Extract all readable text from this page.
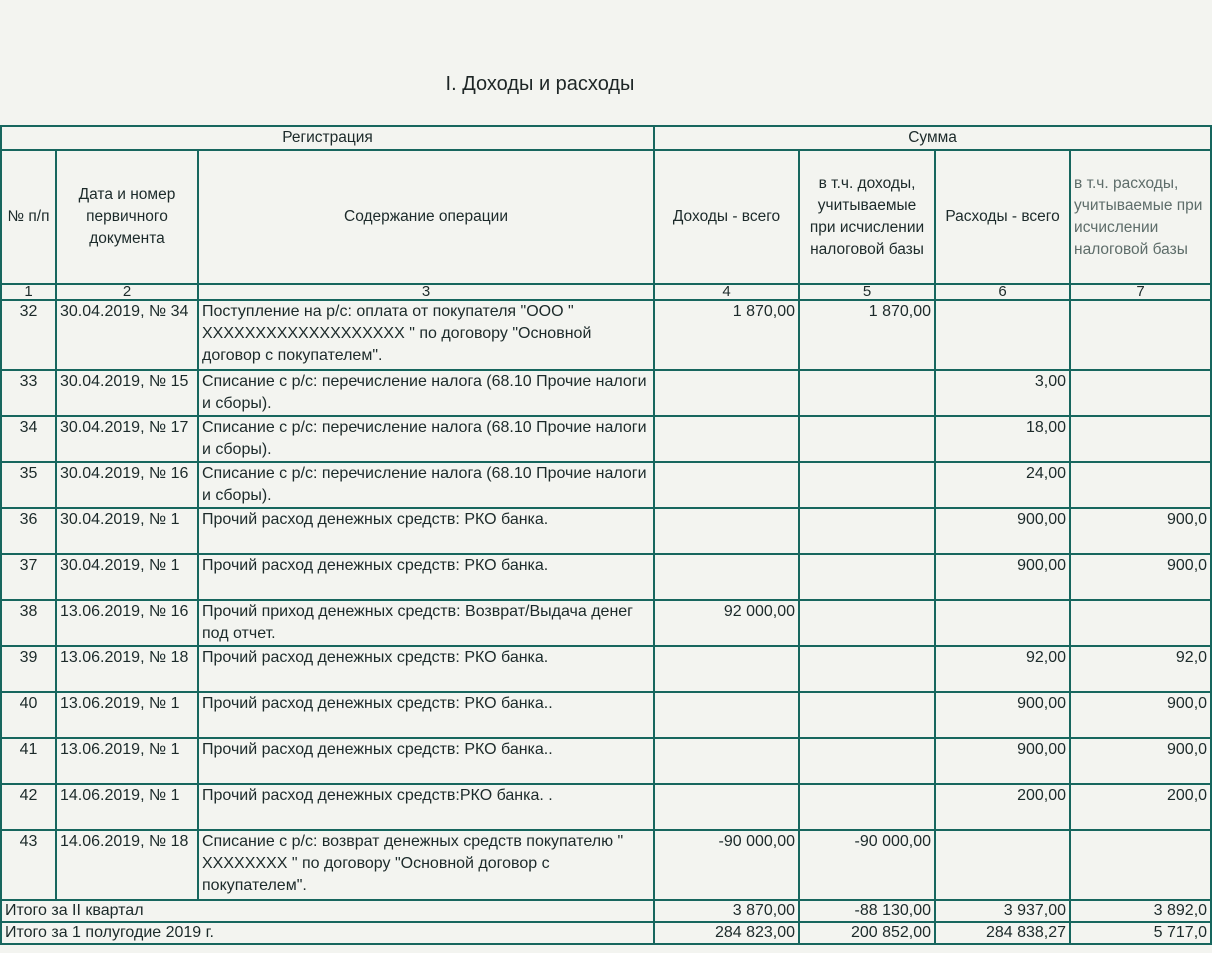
I. Доходы и расходы
Регистрация			Сумма			
№ п/п	Дата и номер первичного документа	Содержание операции	Доходы - всего	в т.ч. доходы, учитываемые при исчислении налоговой базы	Расходы - всего	в т.ч. расходы, учитываемые при исчислении налоговой базы
1	2	3	4	5	6	7
32	30.04.2019, № 34	Поступление на р/с: оплата от покупателя "ООО " ХХХХХХХХХХХХХХХХХХХ " по договору "Основной договор с покупателем".	1 870,00	1 870,00		
33	30.04.2019, № 15	Списание с р/с: перечисление налога (68.10 Прочие налоги и сборы).			3,00	
34	30.04.2019, № 17	Списание с р/с: перечисление налога (68.10 Прочие налоги и сборы).			18,00	
35	30.04.2019, № 16	Списание с р/с: перечисление налога (68.10 Прочие налоги и сборы).			24,00	
36	30.04.2019, № 1	Прочий расход денежных средств: РКО банка.			900,00	900,0
37	30.04.2019, № 1	Прочий расход денежных средств: РКО банка.			900,00	900,0
38	13.06.2019, № 16	Прочий приход денежных средств: Возврат/Выдача денег под отчет.	92 000,00			
39	13.06.2019, № 18	Прочий расход денежных средств: РКО банка.			92,00	92,0
40	13.06.2019, № 1	Прочий расход денежных средств: РКО банка..			900,00	900,0
41	13.06.2019, № 1	Прочий расход денежных средств: РКО банка..			900,00	900,0
42	14.06.2019, № 1	Прочий расход денежных средств:РКО банка. .			200,00	200,0
43	14.06.2019, № 18	Списание с р/с: возврат денежных средств покупателю " ХХХХХХХХ " по договору "Основной договор с покупателем".	-90 000,00	-90 000,00		
Итого за II квартал			3 870,00	-88 130,00	3 937,00	3 892,0
Итого за 1 полугодие 2019 г.			284 823,00	200 852,00	284 838,27	5 717,0
